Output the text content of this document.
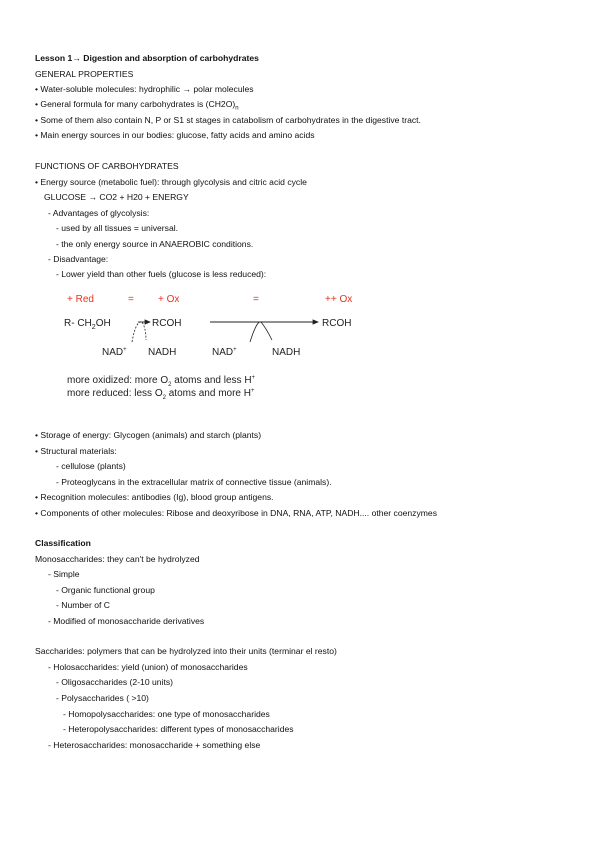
Lesson 1→ Digestion and absorption of carbohydrates
GENERAL PROPERTIES
• Water-soluble molecules: hydrophilic → polar molecules
• General formula for many carbohydrates is $(CH2O)_n$
• Some of them also contain N, P or S1 st stages in catabolism of carbohydrates in the digestive tract.
• Main energy sources in our bodies: glucose, fatty acids and amino acids
FUNCTIONS OF CARBOHYDRATES
• Energy source (metabolic fuel): through glycolysis and citric acid cycle
GLUCOSE → CO2 + H20 + ENERGY
- Advantages of glycolysis:
- used by all tissues = universal.
- the only energy source in ANAEROBIC conditions.
- Disadvantage:
- Lower yield than other fuels (glucose is less reduced):
+ Red	= + Ox	=	++ Ox
R- $CH_2OH$	RCOH	RCOH
NAD+ NADH	NAD+	NADH
more oxidized: more $O_2$ atoms and less H+
more reduced: less $O_2$ atoms and more H+
• Storage of energy: Glycogen (animals) and starch (plants)
• Structural materials:
- cellulose (plants)
- Proteoglycans in the extracellular matrix of connective tissue (animals).
• Recognition molecules: antibodies (Ig), blood group antigens.
• Components of other molecules: Ribose and deoxyribose in DNA, RNA, ATP, NADH.... other coenzymes
Classification
Monosaccharides: they can't be hydrolyzed
- Simple
- Organic functional group
- Number of C
- Modified of monosaccharide derivatives
Saccharides: polymers that can be hydrolyzed into their units (terminar el resto)
- Holosaccharides: yield (union) of monosaccharides
- Oligosaccharides (2-10 units)
- Polysaccharides ( >10)
- Homopolysaccharides: one type of monosaccharides
- Heteropolysaccharides: different types of monosaccharides
- Heterosaccharides: monosaccharide + something else
